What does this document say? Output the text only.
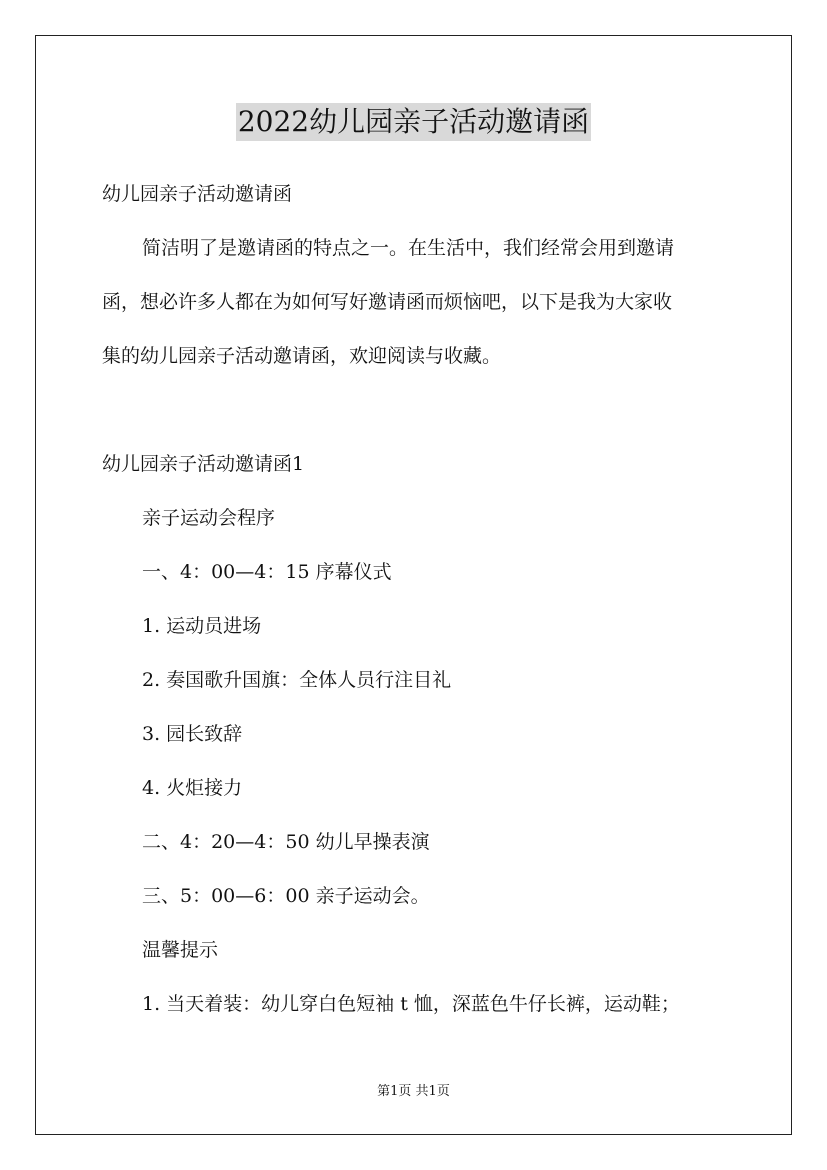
2022幼儿园亲子活动邀请函
幼儿园亲子活动邀请函
简洁明了是邀请函的特点之一。在生活中，我们经常会用到邀请
函，想必许多人都在为如何写好邀请函而烦恼吧，以下是我为大家收
集的幼儿园亲子活动邀请函，欢迎阅读与收藏。
幼儿园亲子活动邀请函1
亲子运动会程序
一、4：00—4：15 序幕仪式
1. 运动员进场
2. 奏国歌升国旗：全体人员行注目礼
3. 园长致辞
4. 火炬接力
二、4：20—4：50 幼儿早操表演
三、5：00—6：00 亲子运动会。
温馨提示
1. 当天着装：幼儿穿白色短袖 t 恤，深蓝色牛仔长裤，运动鞋；
第1页 共1页
